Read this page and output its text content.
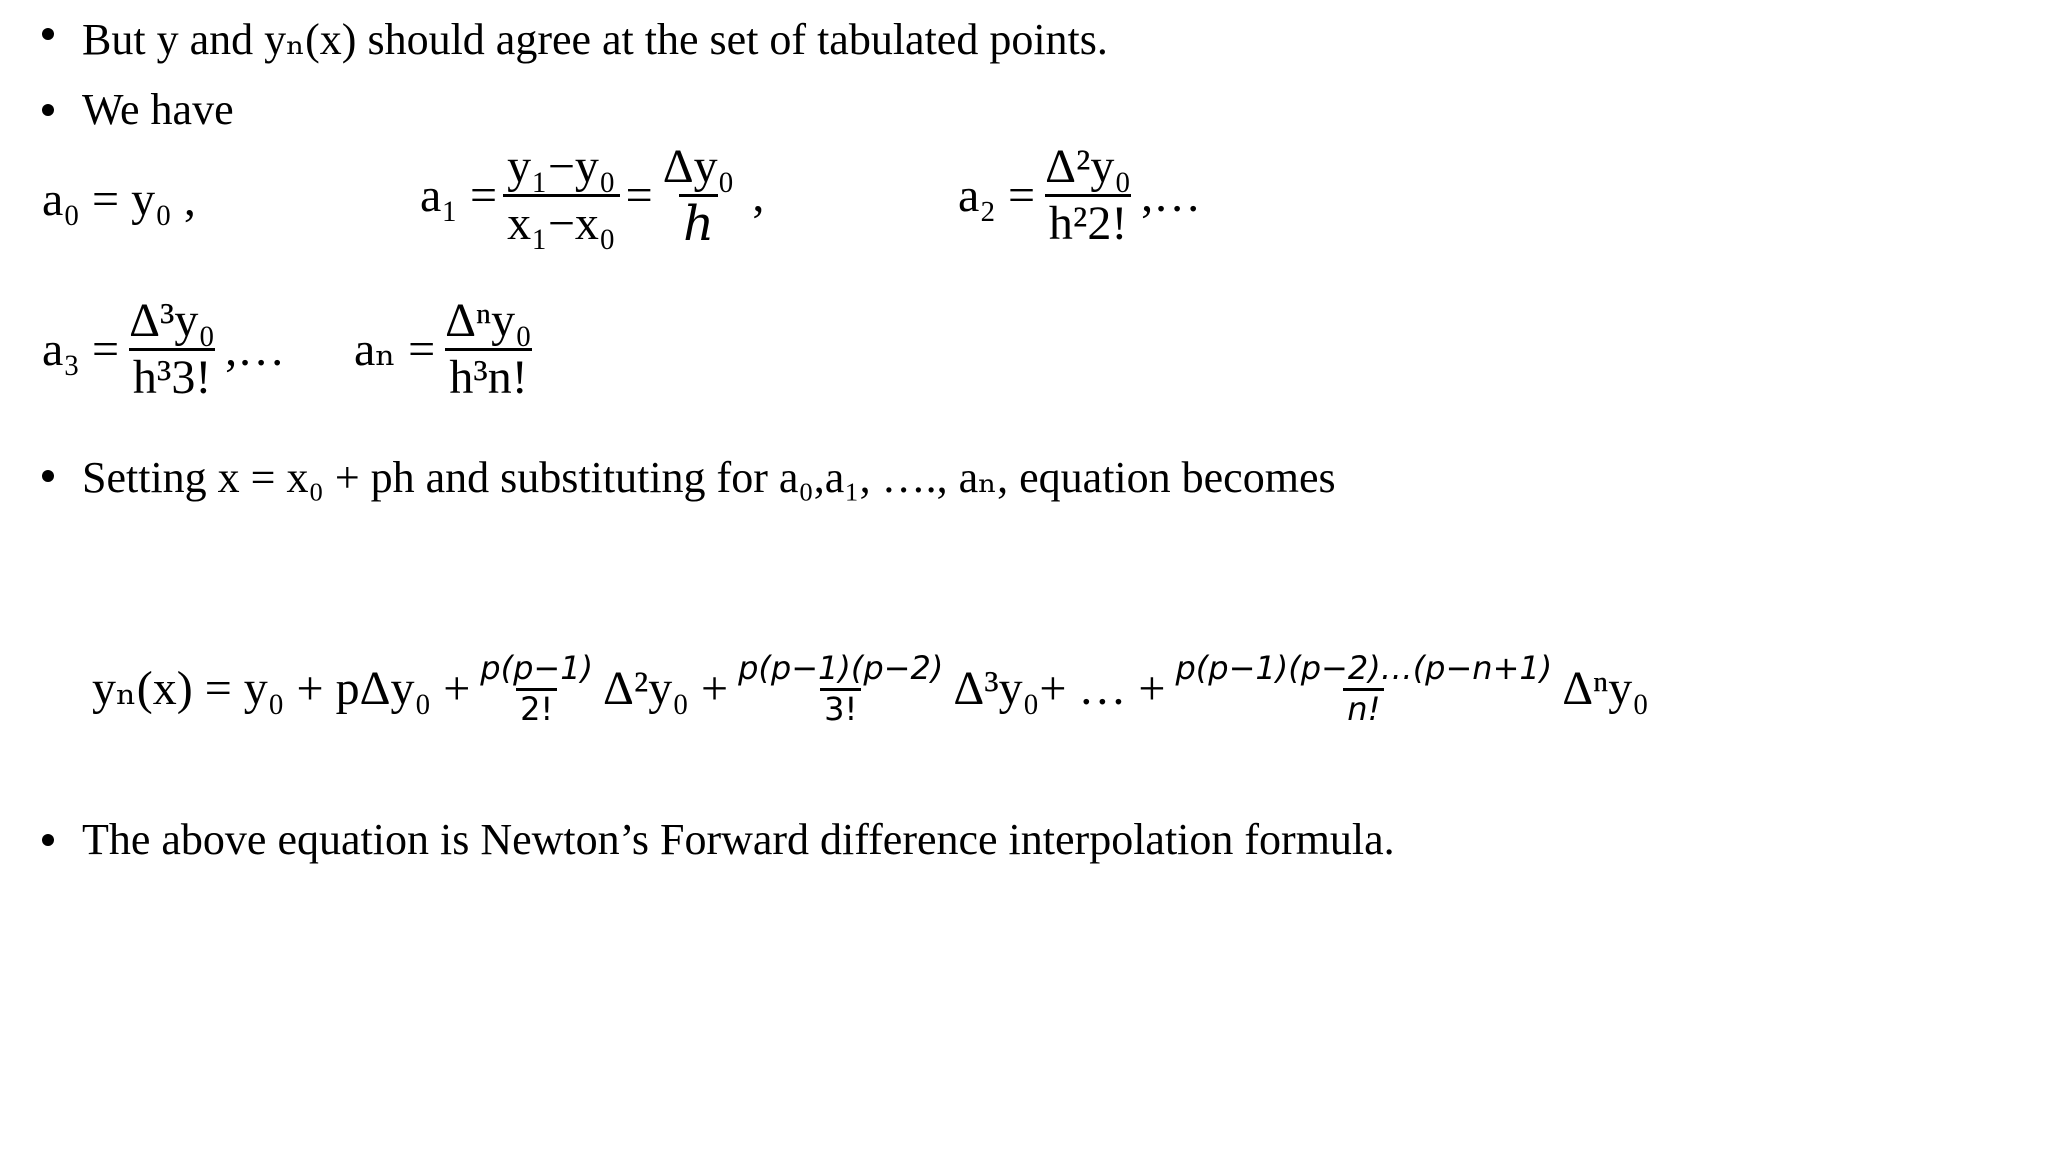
But y and yₙ(x) should agree at the set of tabulated points.
We have
a₀ = y₀ ,	$a_1 = \frac{\text{y₁−y₀}}{\text{x₁−x₀}} = \frac{\text{Δy₀}}{h}$ ,	$a_2 = \frac{\text{Δ²y₀}}{\text{h²2!}}$ ,…
$a_3 = \frac{\text{Δ³y₀}}{\text{h³3!}}$ ,… $a_n = \frac{\text{Δⁿy₀}}{\text{h³n!}}$
Setting x = x₀ + ph and substituting for a₀,a₁, …., aₙ, equation becomes
$y_n(x) = y_0 + p\Delta y_0 + \frac{p(p-1)}{2!} \Delta^2y_0 + \frac{p(p-1)(p-2)}{3!} \Delta^3y_0+$ … + $\frac{p(p-1)(p-2)\dots(p-n+1)}{n!} \Delta^ny_0$
The above equation is Newton’s Forward difference interpolation formula.
